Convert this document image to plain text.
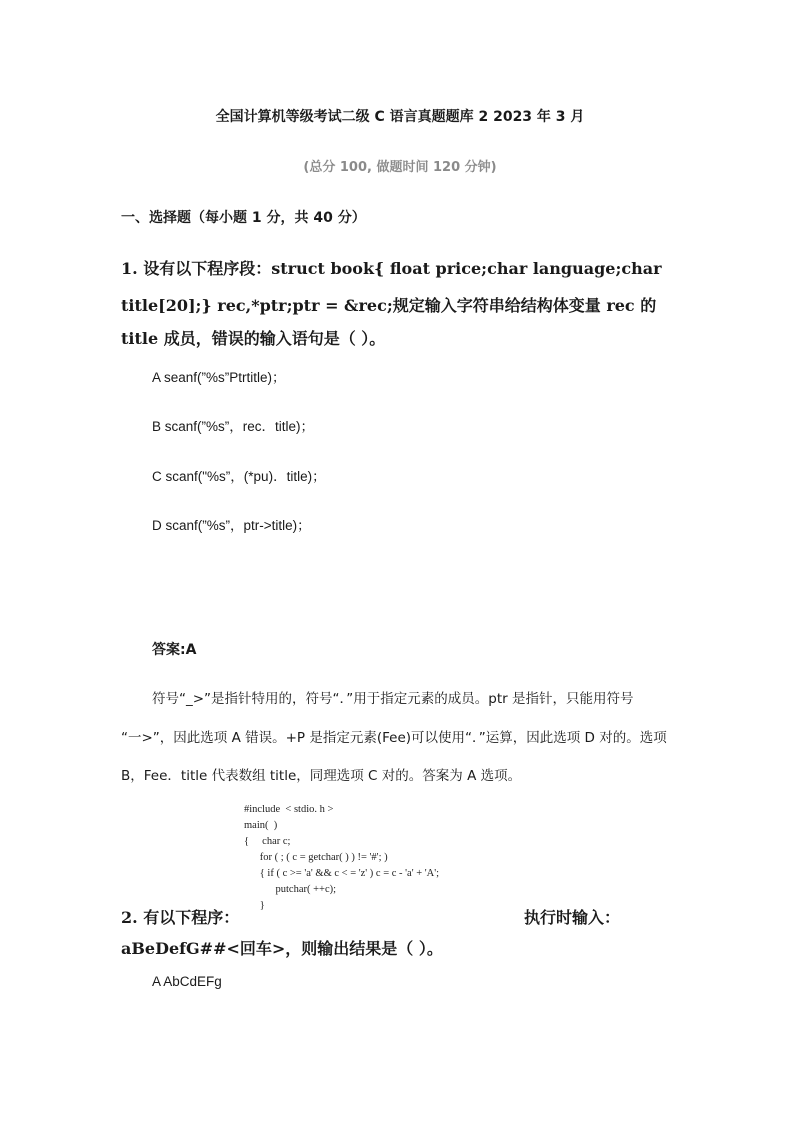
全国计算机等级考试二级 C 语言真题题库 2 2023 年 3 月
(总分 100, 做题时间 120 分钟)
一、选择题（每小题 1 分，共 40 分）
1. 设有以下程序段：struct book{ float price;char language;char
title[20];} rec,*ptr;ptr = &rec;规定输入字符串给结构体变量 rec 的
title 成员，错误的输入语句是（ ）。
A seanf(”%s”Ptrtitle)；
B scanf(”%s”，rec．title)；
C scanf("%s”，(*pu)．title)；
D scanf(”%s”，ptr->title)；
答案:A
符号“_>”是指针特用的，符号“．”用于指定元素的成员。ptr 是指针，只能用符号
“一>”，因此选项 A 错误。+P 是指定元素(Fee)可以使用“．”运算，因此选项 D 对的。选项
B，Fee．title 代表数组 title，同理选项 C 对的。答案为 A 选项。
#include  < stdio. h >
main(  )
{     char c;
for ( ; ( c = getchar( ) ) != '#'; )
{ if ( c >= 'a' && c < = 'z' ) c = c - 'a' + 'A';
putchar( ++c);
}
2. 有以下程序：	执行时输入：
aBeDefG##<回车>，则输出结果是（ ）。
A AbCdEFg
